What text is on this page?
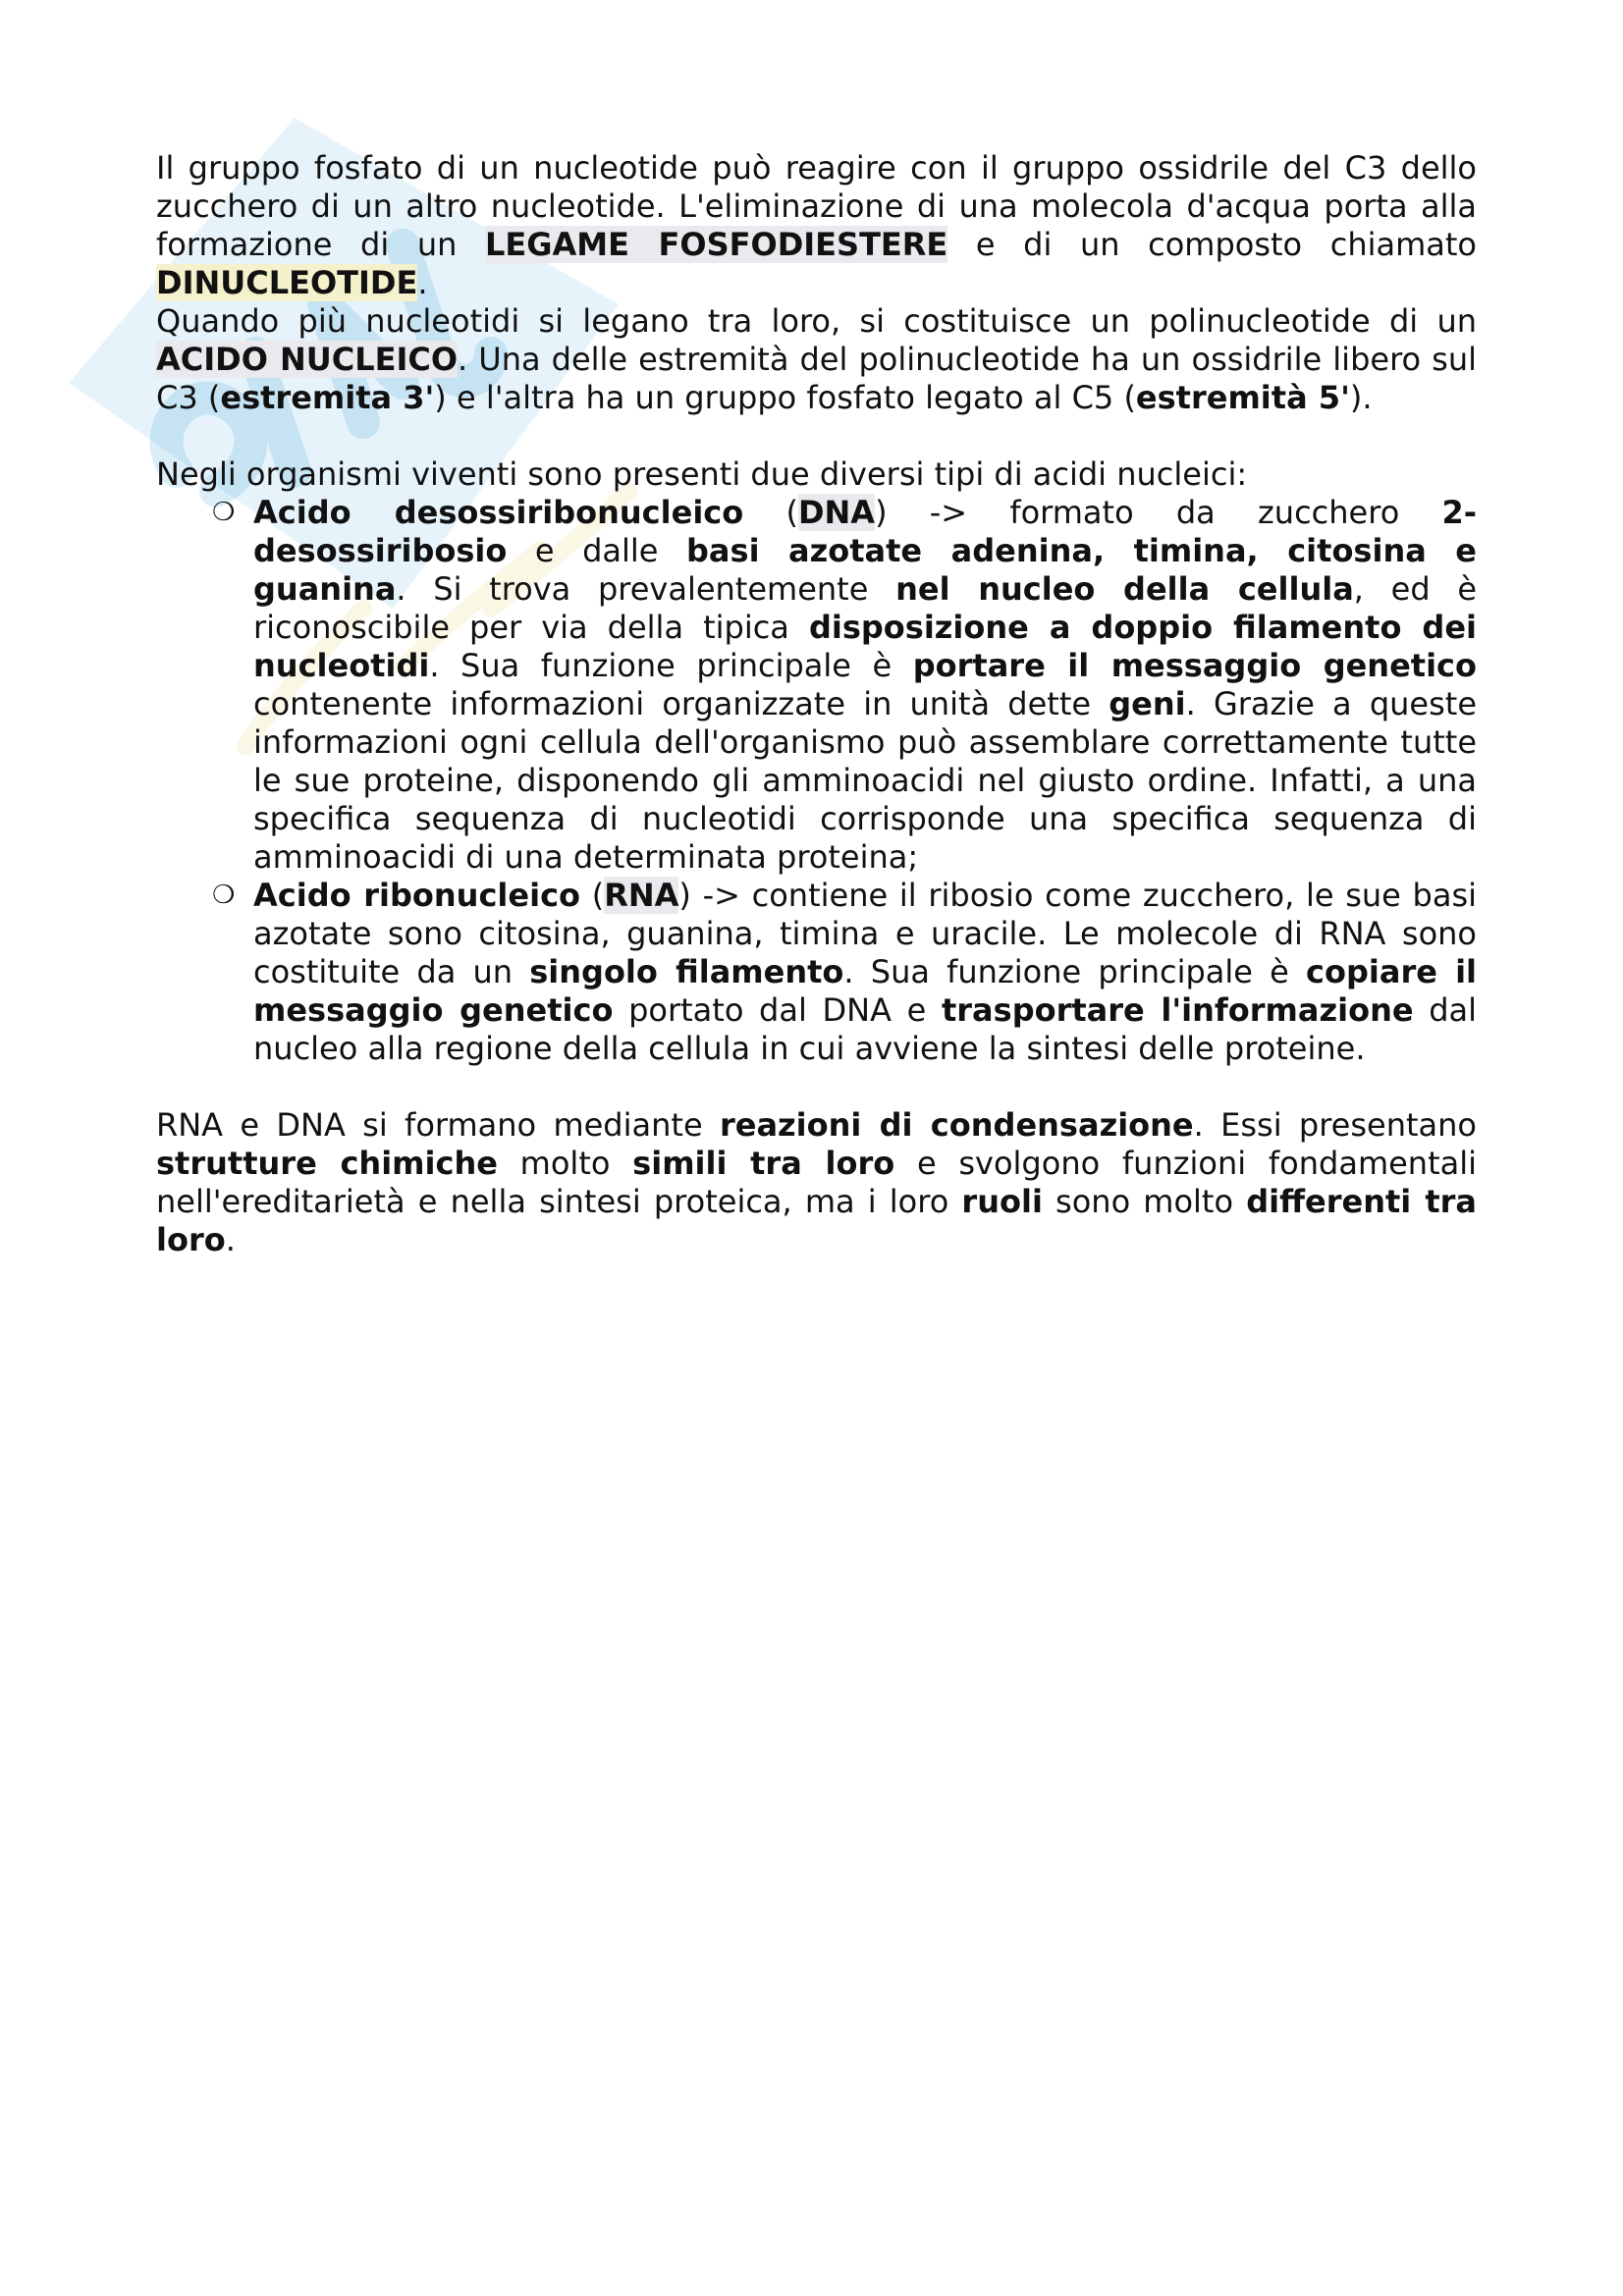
Il gruppo fosfato di un nucleotide può reagire con il gruppo ossidrile del C3 dello zucchero di un altro nucleotide. L'eliminazione di una molecola d'acqua porta alla formazione di un LEGAME FOSFODIESTERE e di un composto chiamato DINUCLEOTIDE.

Quando più nucleotidi si legano tra loro, si costituisce un polinucleotide di un ACIDO NUCLEICO. Una delle estremità del polinucleotide ha un ossidrile libero sul C3 (estremita 3') e l'altra ha un gruppo fosfato legato al C5 (estremità 5').

Negli organismi viventi sono presenti due diversi tipi di acidi nucleici:

❍ Acido desossiribonucleico (DNA) -> formato da zucchero 2-desossiribosio e dalle basi azotate adenina, timina, citosina e guanina. Si trova prevalentemente nel nucleo della cellula, ed è riconoscibile per via della tipica disposizione a doppio filamento dei nucleotidi. Sua funzione principale è portare il messaggio genetico contenente informazioni organizzate in unità dette geni. Grazie a queste informazioni ogni cellula dell'organismo può assemblare correttamente tutte le sue proteine, disponendo gli amminoacidi nel giusto ordine. Infatti, a una specifica sequenza di nucleotidi corrisponde una specifica sequenza di amminoacidi di una determinata proteina;
❍ Acido ribonucleico (RNA) -> contiene il ribosio come zucchero, le sue basi azotate sono citosina, guanina, timina e uracile. Le molecole di RNA sono costituite da un singolo filamento. Sua funzione principale è copiare il messaggio genetico portato dal DNA e trasportare l'informazione dal nucleo alla regione della cellula in cui avviene la sintesi delle proteine.

RNA e DNA si formano mediante reazioni di condensazione. Essi presentano strutture chimiche molto simili tra loro e svolgono funzioni fondamentali nell'ereditarietà e nella sintesi proteica, ma i loro ruoli sono molto differenti tra loro.
